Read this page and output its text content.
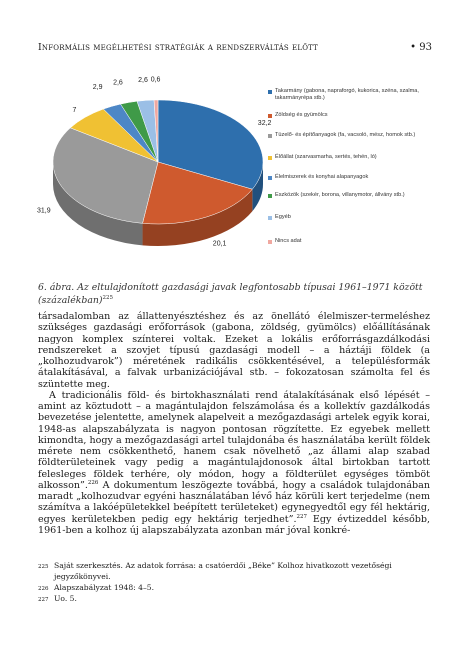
Informális megélhetési stratégiák a rendszerváltás előtt	• 93
32,2
20,1
31,9
7
2,9
2,6 2,6 0,6
Takarmány (gabona, napraforgó, kukorica, széna, szalma, takarmányrépa stb.)
Zöldség és gyümölcs
Tüzelő- és építőanyagok (fa, vacsoló, mész, homok stb.)
Élőállat (szarvasmarha, sertés, tehén, ló)
Élelmiszerek és konyhai alapanyagok
Eszközök (szekér, borona, villanymotor, állvány stb.)
Egyéb
Nincs adat
6. ábra. Az eltulajdonított gazdasági javak legfontosabb típusai 1961–1971 között (százalékban)$^{225}$

társadalomban az állattenyésztéshez és az önellátó élelmiszer-termeléshez szükséges gazdasági erőforrások (gabona, zöldség, gyümölcs) előállításának nagyon komplex színterei voltak. Ezeket a lokális erőforrásgazdálkodási rendszereket a szovjet típusú gazdasági modell – a háztáji földek (a „kolhozudvarok”) méretének radikális csökkentésével, a településformák átalakításával, a falvak urbanizációjával stb. – fokozatosan számolta fel és szüntette meg.

A tradicionális föld- és birtokhasználati rend átalakításának első lépését – amint az köztudott – a magántulajdon felszámolása és a kollektív gazdálkodás bevezetése jelentette, amelynek alapelveit a mezőgazdasági artelek egyik korai, 1948-as alapszabályzata is nagyon pontosan rögzítette. Ez egyebek mellett kimondta, hogy a mezőgazdasági artel tulajdonába és használatába került földek mérete nem csökkenthető, hanem csak növelhető „az állami alap szabad földterületeinek vagy pedig a magántulajdonosok által birtokban tartott felesleges földek terhére, oly módon, hogy a földterület egységes tömböt alkosson”.$^{226}$ A dokumentum leszögezte továbbá, hogy a családok tulajdonában maradt „kolhozudvar egyéni használatában lévő ház körüli kert terjedelme (nem számítva a lakóépületekkel beépített területeket) egynegyedtől egy fél hektárig, egyes kerületekben pedig egy hektárig terjedhet”.$^{227}$ Egy évtizeddel később, 1961-ben a kolhoz új alapszabályzata azonban már jóval konkré-

225 Saját szerkesztés. Az adatok forrása: a csatóerdői „Béke” Kolhoz hivatkozott vezetőségi
jegyzőkönyvei.
226 Alapszabályzat 1948: 4–5.
227 Uo. 5.
